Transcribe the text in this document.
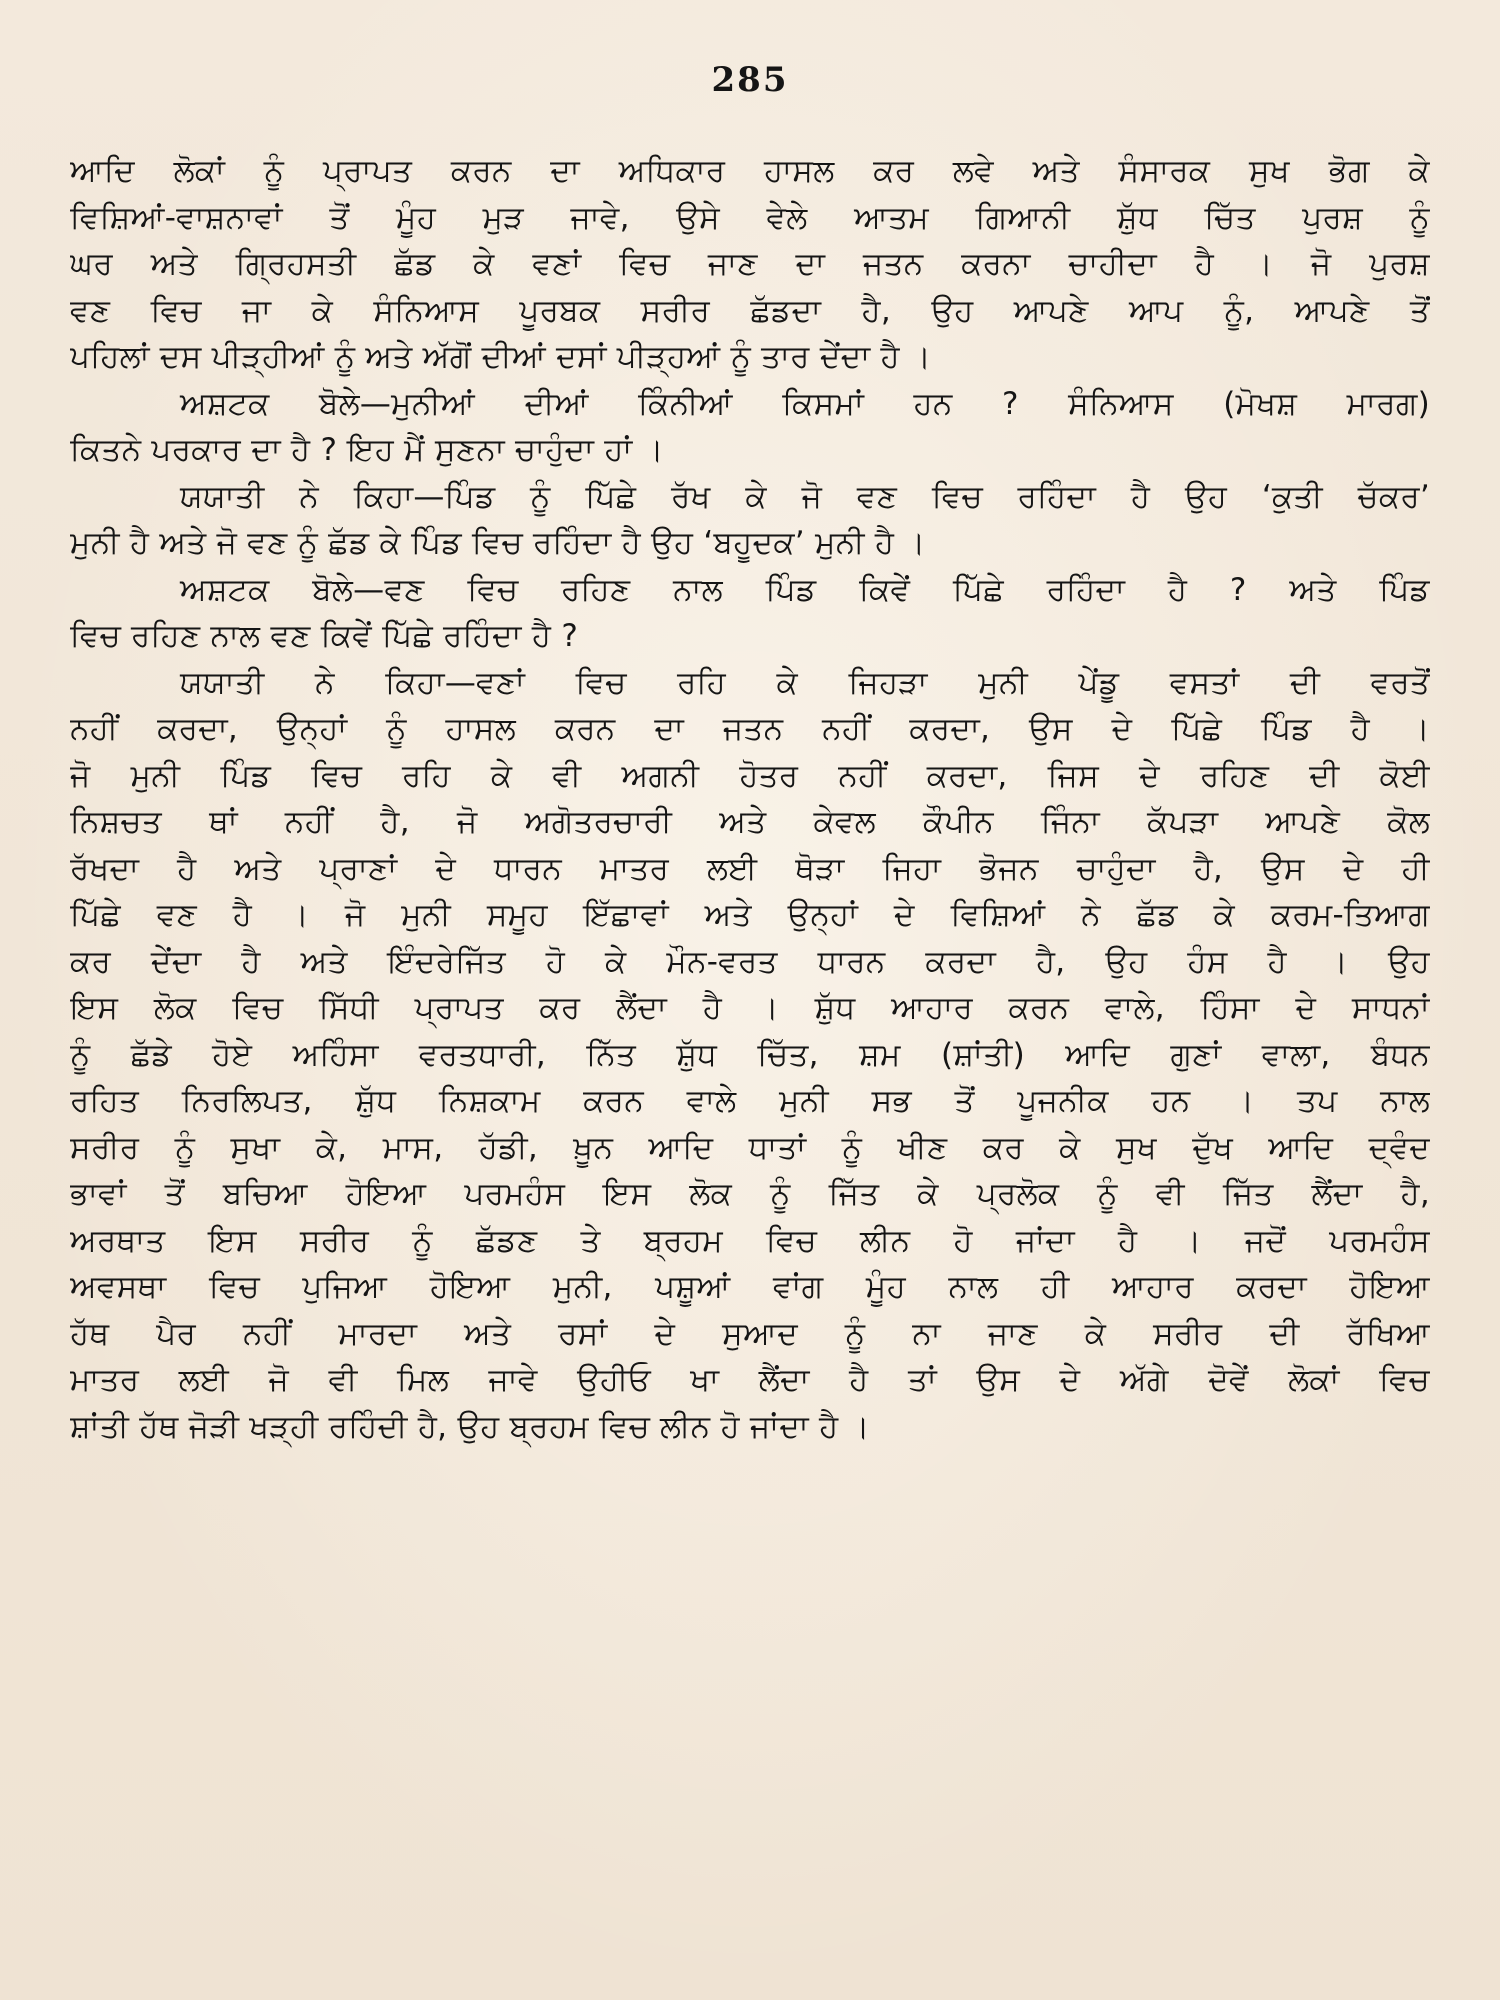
285
ਆਦਿ ਲੋਕਾਂ ਨੂੰ ਪ੍ਰਾਪਤ ਕਰਨ ਦਾ ਅਧਿਕਾਰ ਹਾਸਲ ਕਰ ਲਵੇ ਅਤੇ ਸੰਸਾਰਕ ਸੁਖ ਭੋਗ ਕੇ
ਵਿਸ਼ਿਆਂ-ਵਾਸ਼ਨਾਵਾਂ ਤੋਂ ਮੂੰਹ ਮੁੜ ਜਾਵੇ, ਉਸੇ ਵੇਲੇ ਆਤਮ ਗਿਆਨੀ ਸ਼ੁੱਧ ਚਿੱਤ ਪੁਰਸ਼ ਨੂੰ
ਘਰ ਅਤੇ ਗ੍ਰਿਹਸਤੀ ਛੱਡ ਕੇ ਵਣਾਂ ਵਿਚ ਜਾਣ ਦਾ ਜਤਨ ਕਰਨਾ ਚਾਹੀਦਾ ਹੈ । ਜੋ ਪੁਰਸ਼
ਵਣ ਵਿਚ ਜਾ ਕੇ ਸੰਨਿਆਸ ਪੂਰਬਕ ਸਰੀਰ ਛੱਡਦਾ ਹੈ, ਉਹ ਆਪਣੇ ਆਪ ਨੂੰ, ਆਪਣੇ ਤੋਂ
ਪਹਿਲਾਂ ਦਸ ਪੀੜ੍ਹੀਆਂ ਨੂੰ ਅਤੇ ਅੱਗੋਂ ਦੀਆਂ ਦਸਾਂ ਪੀੜ੍ਹਆਂ ਨੂੰ ਤਾਰ ਦੇਂਦਾ ਹੈ ।
ਅਸ਼ਟਕ ਬੋਲੇ—ਮੁਨੀਆਂ ਦੀਆਂ ਕਿੰਨੀਆਂ ਕਿਸਮਾਂ ਹਨ ? ਸੰਨਿਆਸ (ਮੋਖਸ਼ ਮਾਰਗ)
ਕਿਤਨੇ ਪਰਕਾਰ ਦਾ ਹੈ ? ਇਹ ਮੈਂ ਸੁਣਨਾ ਚਾਹੁੰਦਾ ਹਾਂ ।
ਯਯਾਤੀ ਨੇ ਕਿਹਾ—ਪਿੰਡ ਨੂੰ ਪਿੱਛੇ ਰੱਖ ਕੇ ਜੋ ਵਣ ਵਿਚ ਰਹਿੰਦਾ ਹੈ ਉਹ ‘ਕੁਤੀ ਚੱਕਰ’
ਮੁਨੀ ਹੈ ਅਤੇ ਜੋ ਵਣ ਨੂੰ ਛੱਡ ਕੇ ਪਿੰਡ ਵਿਚ ਰਹਿੰਦਾ ਹੈ ਉਹ ‘ਬਹੂਦਕ’ ਮੁਨੀ ਹੈ ।
ਅਸ਼ਟਕ ਬੋਲੇ—ਵਣ ਵਿਚ ਰਹਿਣ ਨਾਲ ਪਿੰਡ ਕਿਵੇਂ ਪਿੱਛੇ ਰਹਿੰਦਾ ਹੈ ? ਅਤੇ ਪਿੰਡ
ਵਿਚ ਰਹਿਣ ਨਾਲ ਵਣ ਕਿਵੇਂ ਪਿੱਛੇ ਰਹਿੰਦਾ ਹੈ ?
ਯਯਾਤੀ ਨੇ ਕਿਹਾ—ਵਣਾਂ ਵਿਚ ਰਹਿ ਕੇ ਜਿਹੜਾ ਮੁਨੀ ਪੇਂਡੂ ਵਸਤਾਂ ਦੀ ਵਰਤੋਂ
ਨਹੀਂ ਕਰਦਾ, ਉਨ੍ਹਾਂ ਨੂੰ ਹਾਸਲ ਕਰਨ ਦਾ ਜਤਨ ਨਹੀਂ ਕਰਦਾ, ਉਸ ਦੇ ਪਿੱਛੇ ਪਿੰਡ ਹੈ ।
ਜੋ ਮੁਨੀ ਪਿੰਡ ਵਿਚ ਰਹਿ ਕੇ ਵੀ ਅਗਨੀ ਹੋਤਰ ਨਹੀਂ ਕਰਦਾ, ਜਿਸ ਦੇ ਰਹਿਣ ਦੀ ਕੋਈ
ਨਿਸ਼ਚਤ ਥਾਂ ਨਹੀਂ ਹੈ, ਜੋ ਅਗੋਤਰਚਾਰੀ ਅਤੇ ਕੇਵਲ ਕੌਪੀਨ ਜਿੰਨਾ ਕੱਪੜਾ ਆਪਣੇ ਕੋਲ
ਰੱਖਦਾ ਹੈ ਅਤੇ ਪ੍ਰਾਣਾਂ ਦੇ ਧਾਰਨ ਮਾਤਰ ਲਈ ਥੋੜਾ ਜਿਹਾ ਭੋਜਨ ਚਾਹੁੰਦਾ ਹੈ, ਉਸ ਦੇ ਹੀ
ਪਿੱਛੇ ਵਣ ਹੈ । ਜੋ ਮੁਨੀ ਸਮੂਹ ਇੱਛਾਵਾਂ ਅਤੇ ਉਨ੍ਹਾਂ ਦੇ ਵਿਸ਼ਿਆਂ ਨੇ ਛੱਡ ਕੇ ਕਰਮ-ਤਿਆਗ
ਕਰ ਦੇਂਦਾ ਹੈ ਅਤੇ ਇੰਦਰੇਜਿੱਤ ਹੋ ਕੇ ਮੌਨ-ਵਰਤ ਧਾਰਨ ਕਰਦਾ ਹੈ, ਉਹ ਹੰਸ ਹੈ । ਉਹ
ਇਸ ਲੋਕ ਵਿਚ ਸਿੱਧੀ ਪ੍ਰਾਪਤ ਕਰ ਲੈਂਦਾ ਹੈ । ਸ਼ੁੱਧ ਆਹਾਰ ਕਰਨ ਵਾਲੇ, ਹਿੰਸਾ ਦੇ ਸਾਧਨਾਂ
ਨੂੰ ਛੱਡੇ ਹੋਏ ਅਹਿੰਸਾ ਵਰਤਧਾਰੀ, ਨਿੱਤ ਸ਼ੁੱਧ ਚਿੱਤ, ਸ਼ਮ (ਸ਼ਾਂਤੀ) ਆਦਿ ਗੁਣਾਂ ਵਾਲਾ, ਬੰਧਨ
ਰਹਿਤ ਨਿਰਲਿਪਤ, ਸ਼ੁੱਧ ਨਿਸ਼ਕਾਮ ਕਰਨ ਵਾਲੇ ਮੁਨੀ ਸਭ ਤੋਂ ਪੂਜਨੀਕ ਹਨ । ਤਪ ਨਾਲ
ਸਰੀਰ ਨੂੰ ਸੁਖਾ ਕੇ, ਮਾਸ, ਹੱਡੀ, ਖ਼ੂਨ ਆਦਿ ਧਾਤਾਂ ਨੂੰ ਖੀਣ ਕਰ ਕੇ ਸੁਖ ਦੁੱਖ ਆਦਿ ਦ੍ਵੰਦ
ਭਾਵਾਂ ਤੋਂ ਬਚਿਆ ਹੋਇਆ ਪਰਮਹੰਸ ਇਸ ਲੋਕ ਨੂੰ ਜਿੱਤ ਕੇ ਪ੍ਰਲੋਕ ਨੂੰ ਵੀ ਜਿੱਤ ਲੈਂਦਾ ਹੈ,
ਅਰਥਾਤ ਇਸ ਸਰੀਰ ਨੂੰ ਛੱਡਣ ਤੇ ਬ੍ਰਹਮ ਵਿਚ ਲੀਨ ਹੋ ਜਾਂਦਾ ਹੈ । ਜਦੋਂ ਪਰਮਹੰਸ
ਅਵਸਥਾ ਵਿਚ ਪੁਜਿਆ ਹੋਇਆ ਮੁਨੀ, ਪਸ਼ੂਆਂ ਵਾਂਗ ਮੂੰਹ ਨਾਲ ਹੀ ਆਹਾਰ ਕਰਦਾ ਹੋਇਆ
ਹੱਥ ਪੈਰ ਨਹੀਂ ਮਾਰਦਾ ਅਤੇ ਰਸਾਂ ਦੇ ਸੁਆਦ ਨੂੰ ਨਾ ਜਾਣ ਕੇ ਸਰੀਰ ਦੀ ਰੱਖਿਆ
ਮਾਤਰ ਲਈ ਜੋ ਵੀ ਮਿਲ ਜਾਵੇ ਉਹੀਓ ਖਾ ਲੈਂਦਾ ਹੈ ਤਾਂ ਉਸ ਦੇ ਅੱਗੇ ਦੋਵੇਂ ਲੋਕਾਂ ਵਿਚ
ਸ਼ਾਂਤੀ ਹੱਥ ਜੋੜੀ ਖੜ੍ਹੀ ਰਹਿੰਦੀ ਹੈ, ਉਹ ਬ੍ਰਹਮ ਵਿਚ ਲੀਨ ਹੋ ਜਾਂਦਾ ਹੈ ।
